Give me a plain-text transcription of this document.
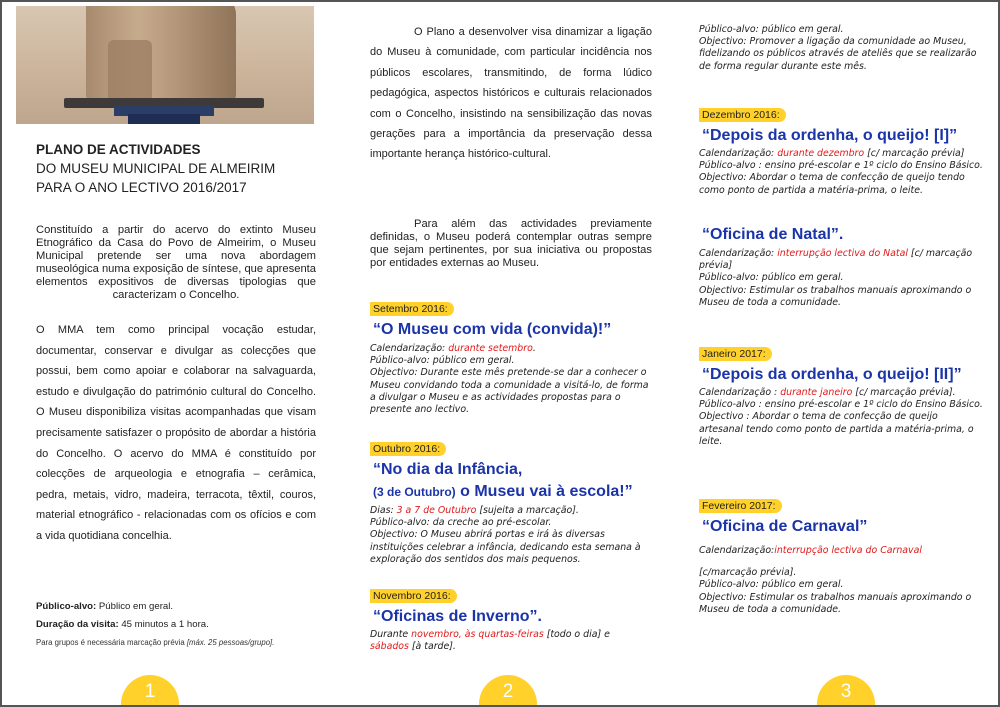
PLANO DE ACTIVIDADES
DO MUSEU MUNICIPAL DE ALMEIRIM
PARA O ANO LECTIVO 2016/2017
Constituído a partir do acervo do extinto Museu Etnográfico da Casa do Povo de Almeirim, o Museu Municipal pretende ser uma nova abordagem museológica numa exposição de síntese, que apresenta elementos expositivos de diversas tipologias que caracterizam o Concelho.
O MMA tem como principal vocação estudar, documentar, conservar e divulgar as colecções que possui, bem como apoiar e colaborar na salvaguarda, estudo e divulgação do património cultural do Concelho. O Museu disponibiliza visitas acompanhadas que visam precisamente satisfazer o propósito de abordar a história do Concelho. O acervo do MMA é constituído por colecções de arqueologia e etnografia – cerâmica, pedra, metais, vidro, madeira, terracota, têxtil, couros, material etnográfico - relacionadas com os ofícios e com a vida quotidiana concelhia.
Público-alvo: Público em geral.
Duração da visita: 45 minutos a 1 hora.
Para grupos é necessária marcação prévia [máx. 25 pessoas/grupo].
1
O Plano a desenvolver visa dinamizar a ligação do Museu à comunidade, com particular incidência nos públicos escolares, transmitindo, de forma lúdico pedagógica, aspectos históricos e culturais relacionados com o Concelho, insistindo na sensibilização das novas gerações para a importância da preservação dessa importante herança histórico-cultural.
Para além das actividades previamente definidas, o Museu poderá contemplar outras sempre que sejam pertinentes, por sua iniciativa ou propostas por entidades externas ao Museu.
Setembro 2016:
“O Museu com vida (convida)!”
Calendarização: durante setembro.
Público-alvo: público em geral.
Objectivo: Durante este mês pretende-se dar a conhecer o Museu convidando toda a comunidade a visitá-lo, de forma a divulgar o Museu e as actividades propostas para o presente ano lectivo.
Outubro 2016:
“No dia da Infância,
(3 de Outubro) o Museu vai à escola!”
Dias: 3 a 7 de Outubro [sujeita a marcação].
Público-alvo: da creche ao pré-escolar.
Objectivo: O Museu abrirá portas e irá às diversas instituições celebrar a infância, dedicando esta semana à exploração dos sentidos dos mais pequenos.
Novembro 2016:
“Oficinas de Inverno”.
Durante novembro, às quartas-feiras [todo o dia] e
sábados [à tarde].
2
Público-alvo: público em geral.
Objectivo: Promover a ligação da comunidade ao Museu, fidelizando os públicos através de ateliês que se realizarão de forma regular durante este mês.
Dezembro 2016:
“Depois da ordenha, o queijo! [I]”
Calendarização: durante dezembro [c/ marcação prévia]
Público-alvo : ensino pré-escolar e 1º ciclo do Ensino Básico.
Objectivo: Abordar o tema de confecção de queijo tendo como ponto de partida a matéria-prima, o leite.
“Oficina de Natal”.
Calendarização: interrupção lectiva do Natal [c/ marcação prévia]
Público-alvo: público em geral.
Objectivo: Estimular os trabalhos manuais aproximando o Museu de toda a comunidade.
Janeiro 2017:
“Depois da ordenha, o queijo! [II]”
Calendarização : durante janeiro [c/ marcação prévia].
Público-alvo : ensino pré-escolar e 1º ciclo do Ensino Básico.
Objectivo : Abordar o tema de confecção de queijo artesanal tendo como ponto de partida a matéria-prima, o leite.
Fevereiro 2017:
“Oficina de Carnaval”
Calendarização:interrupção lectiva do Carnaval
[c/marcação prévia].
Público-alvo: público em geral.
Objectivo: Estimular os trabalhos manuais aproximando o Museu de toda a comunidade.
3
